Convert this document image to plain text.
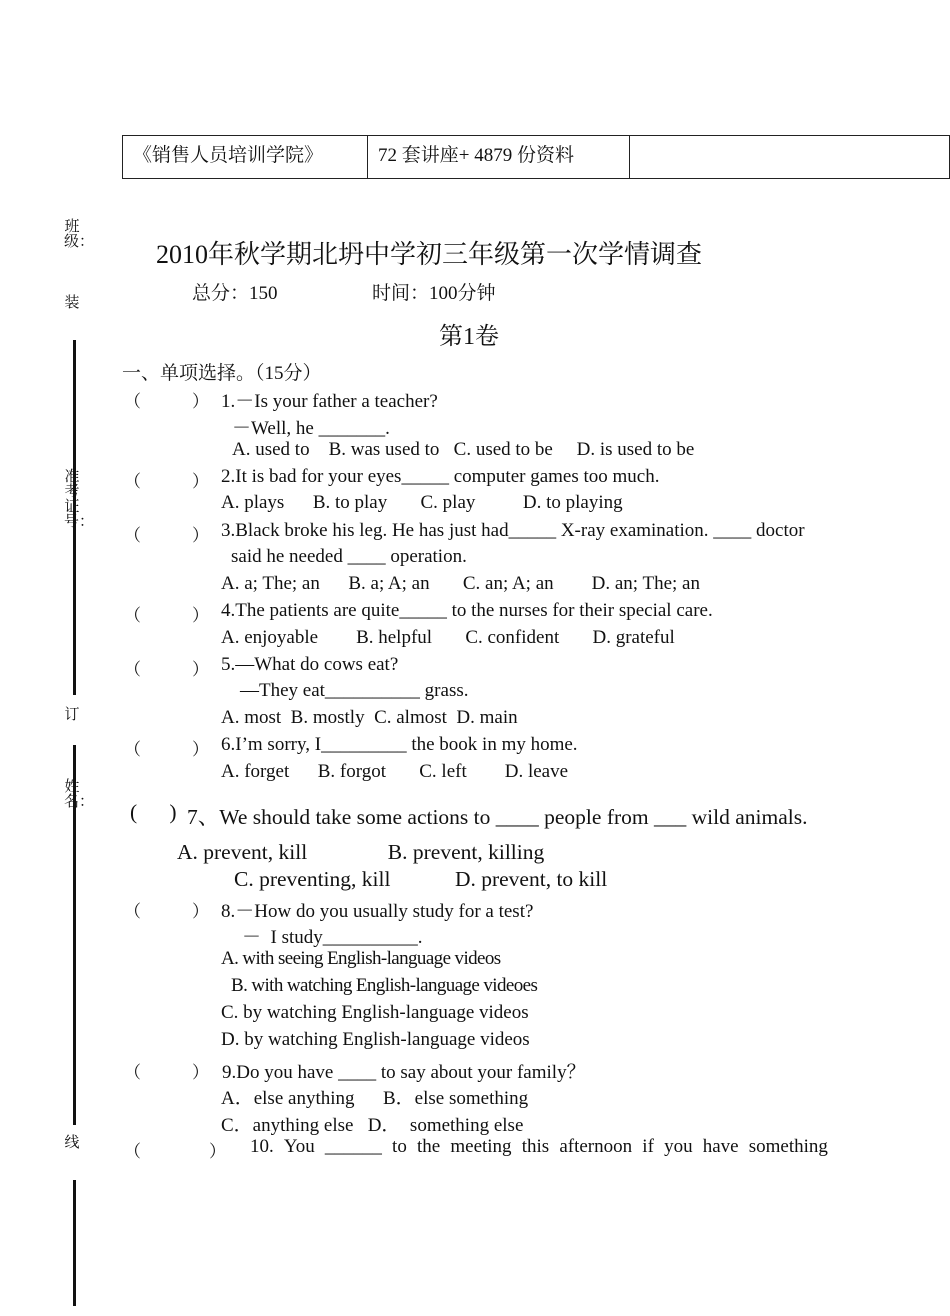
《销售人员培训学院》	72 套讲座+ 4879 份资料
班级：
装
准考证号：
订
姓名：
线
2010年秋学期北坍中学初三年级第一次学情调查
总分：150	时间：100分钟
第1卷
一、单项选择。（15分）
（　　　） 1.－Is your father a teacher?
－Well, he _______.
A. used to    B. was used to   C. used to be     D. is used to be
（　　　） 2.It is bad for your eyes_____ computer games too much.
A. plays      B. to play       C. play          D. to playing
（　　　） 3.Black broke his leg. He has just had_____ X-ray examination. ____ doctor
said he needed ____ operation.
A. a; The; an      B. a; A; an       C. an; A; an        D. an; The; an
（　　　） 4.The patients are quite_____ to the nurses for their special care.
A. enjoyable        B. helpful       C. confident       D. grateful
（　　　） 5.—What do cows eat?
—They eat__________ grass.
A. most  B. mostly  C. almost  D. main
（　　　） 6.I’m sorry, I_________ the book in my home.
A. forget      B. forgot       C. left        D. leave
(      ) 7、We should take some actions to ____ people from ___ wild animals.
A. prevent, kill               B. prevent, killing
C. preventing, kill            D. prevent, to kill
（　　　） 8.－How do you usually study for a test?
－  I study__________.
A. with seeing English-language videos
B. with watching English-language videoes
C. by watching English-language videos
D. by watching English-language videos
（　　　） 9.Do you have ____ to say about your family？
A．else anything      B．else something
C．anything else   D．  something else
（　　　　） 10. You ______ to the meeting this afternoon if you have something
